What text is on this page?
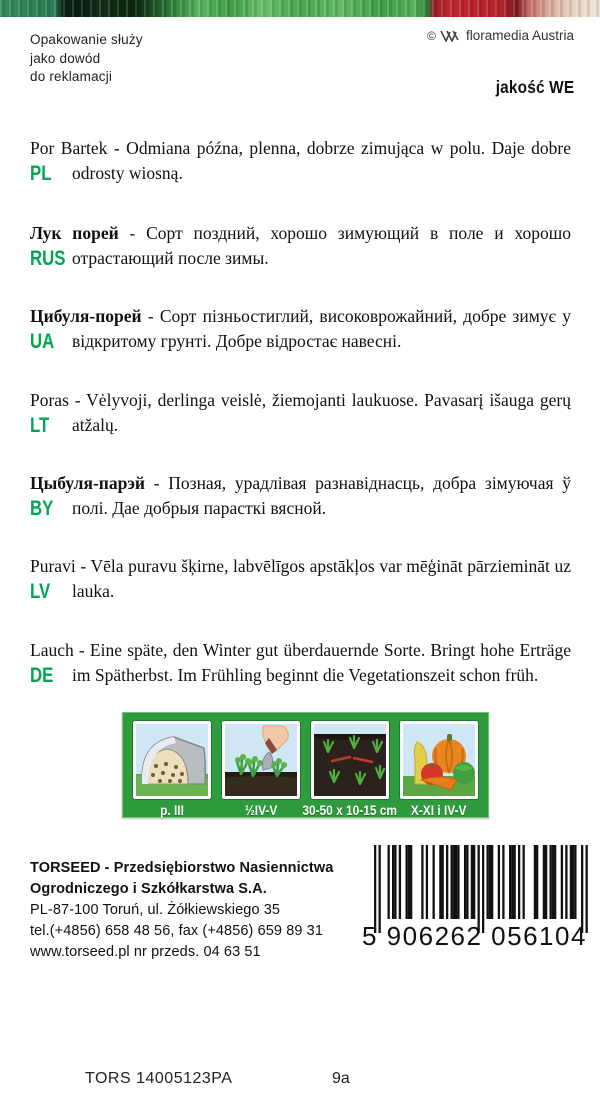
Opakowanie służy
jako dowód
do reklamacji
© floramedia Austria
jakość WE
PL

Por Bartek - Odmiana późna, plenna, dobrze zimująca w polu. Daje dobre odrosty wiosną.

RUS

Лук порей - Сорт поздний, хорошо зимующий в поле и хорошо отрастающий после зимы.

UA

Цибуля-порей - Сорт пізньостиглий, високоврожайний, добре зимує у відкритому грунті. Добре відростає навесні.

LT

Poras - Vėlyvoji, derlinga veislė, žiemojanti laukuose. Pavasarį išauga gerų atžalų.

BY

Цыбуля-парэй - Позная, урадлівая разнавіднасць, добра зімуючая ў полі. Дае добрыя парасткі вясной.

LV

Puravi - Vēla puravu šķirne, labvēlīgos apstākļos var mēģināt pārziemināt uz lauka.

DE

Lauch - Eine späte, den Winter gut überdauernde Sorte. Bringt hohe Erträge im Spätherbst. Im Frühling beginnt die Vegetationszeit schon früh.

p. III	½IV-V 30-50 x 10-15 cm X-XI i IV-V
TORSEED - Przedsiębiorstwo Nasiennictwa
Ogrodniczego i Szkółkarstwa S.A.
PL-87-100 Toruń, ul. Żółkiewskiego 35
tel.(+4856) 658 48 56, fax (+4856) 659 89 31
www.torseed.pl nr przeds. 04 63 51
5 906262 056104
TORS 14005123PA	9a
